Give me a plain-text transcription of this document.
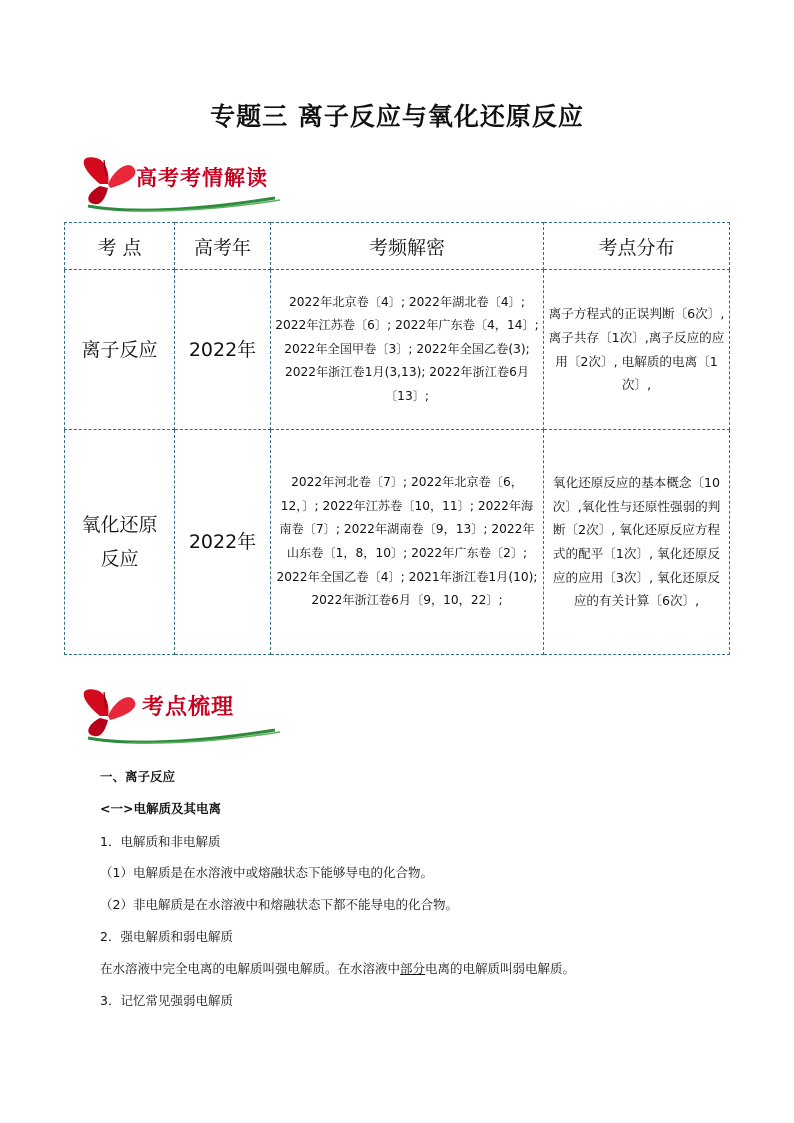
专题三 离子反应与氧化还原反应
高考考情解读
考 点	高考年	考频解密	考点分布
离子反应	2022年	2022年北京卷〔4〕; 2022年湖北卷〔4〕; 2022年江苏卷〔6〕; 2022年广东卷〔4，14〕; 2022年全国甲卷〔3〕; 2022年全国乙卷(3); 2022年浙江卷1月(3,13); 2022年浙江卷6月〔13〕;	离子方程式的正误判断〔6次〕,离子共存〔1次〕,离子反应的应用〔2次〕, 电解质的电离〔1次〕,
氧化还原反应	2022年	2022年河北卷〔7〕; 2022年北京卷〔6，12，〕; 2022年江苏卷〔10，11〕; 2022年海南卷〔7〕; 2022年湖南卷〔9，13〕; 2022年山东卷〔1，8，10〕; 2022年广东卷〔2〕; 2022年全国乙卷〔4〕; 2021年浙江卷1月(10); 2022年浙江卷6月〔9，10，22〕;	氧化还原反应的基本概念〔10次〕,氧化性与还原性强弱的判断〔2次〕, 氧化还原反应方程式的配平〔1次〕, 氧化还原反应的应用〔3次〕, 氧化还原反应的有关计算〔6次〕,
考点梳理
一、离子反应
<一>电解质及其电离
1．电解质和非电解质
（1）电解质是在水溶液中或熔融状态下能够导电的化合物。
（2）非电解质是在水溶液中和熔融状态下都不能导电的化合物。
2．强电解质和弱电解质
在水溶液中完全电离的电解质叫强电解质。在水溶液中部分电离的电解质叫弱电解质。
3．记忆常见强弱电解质
